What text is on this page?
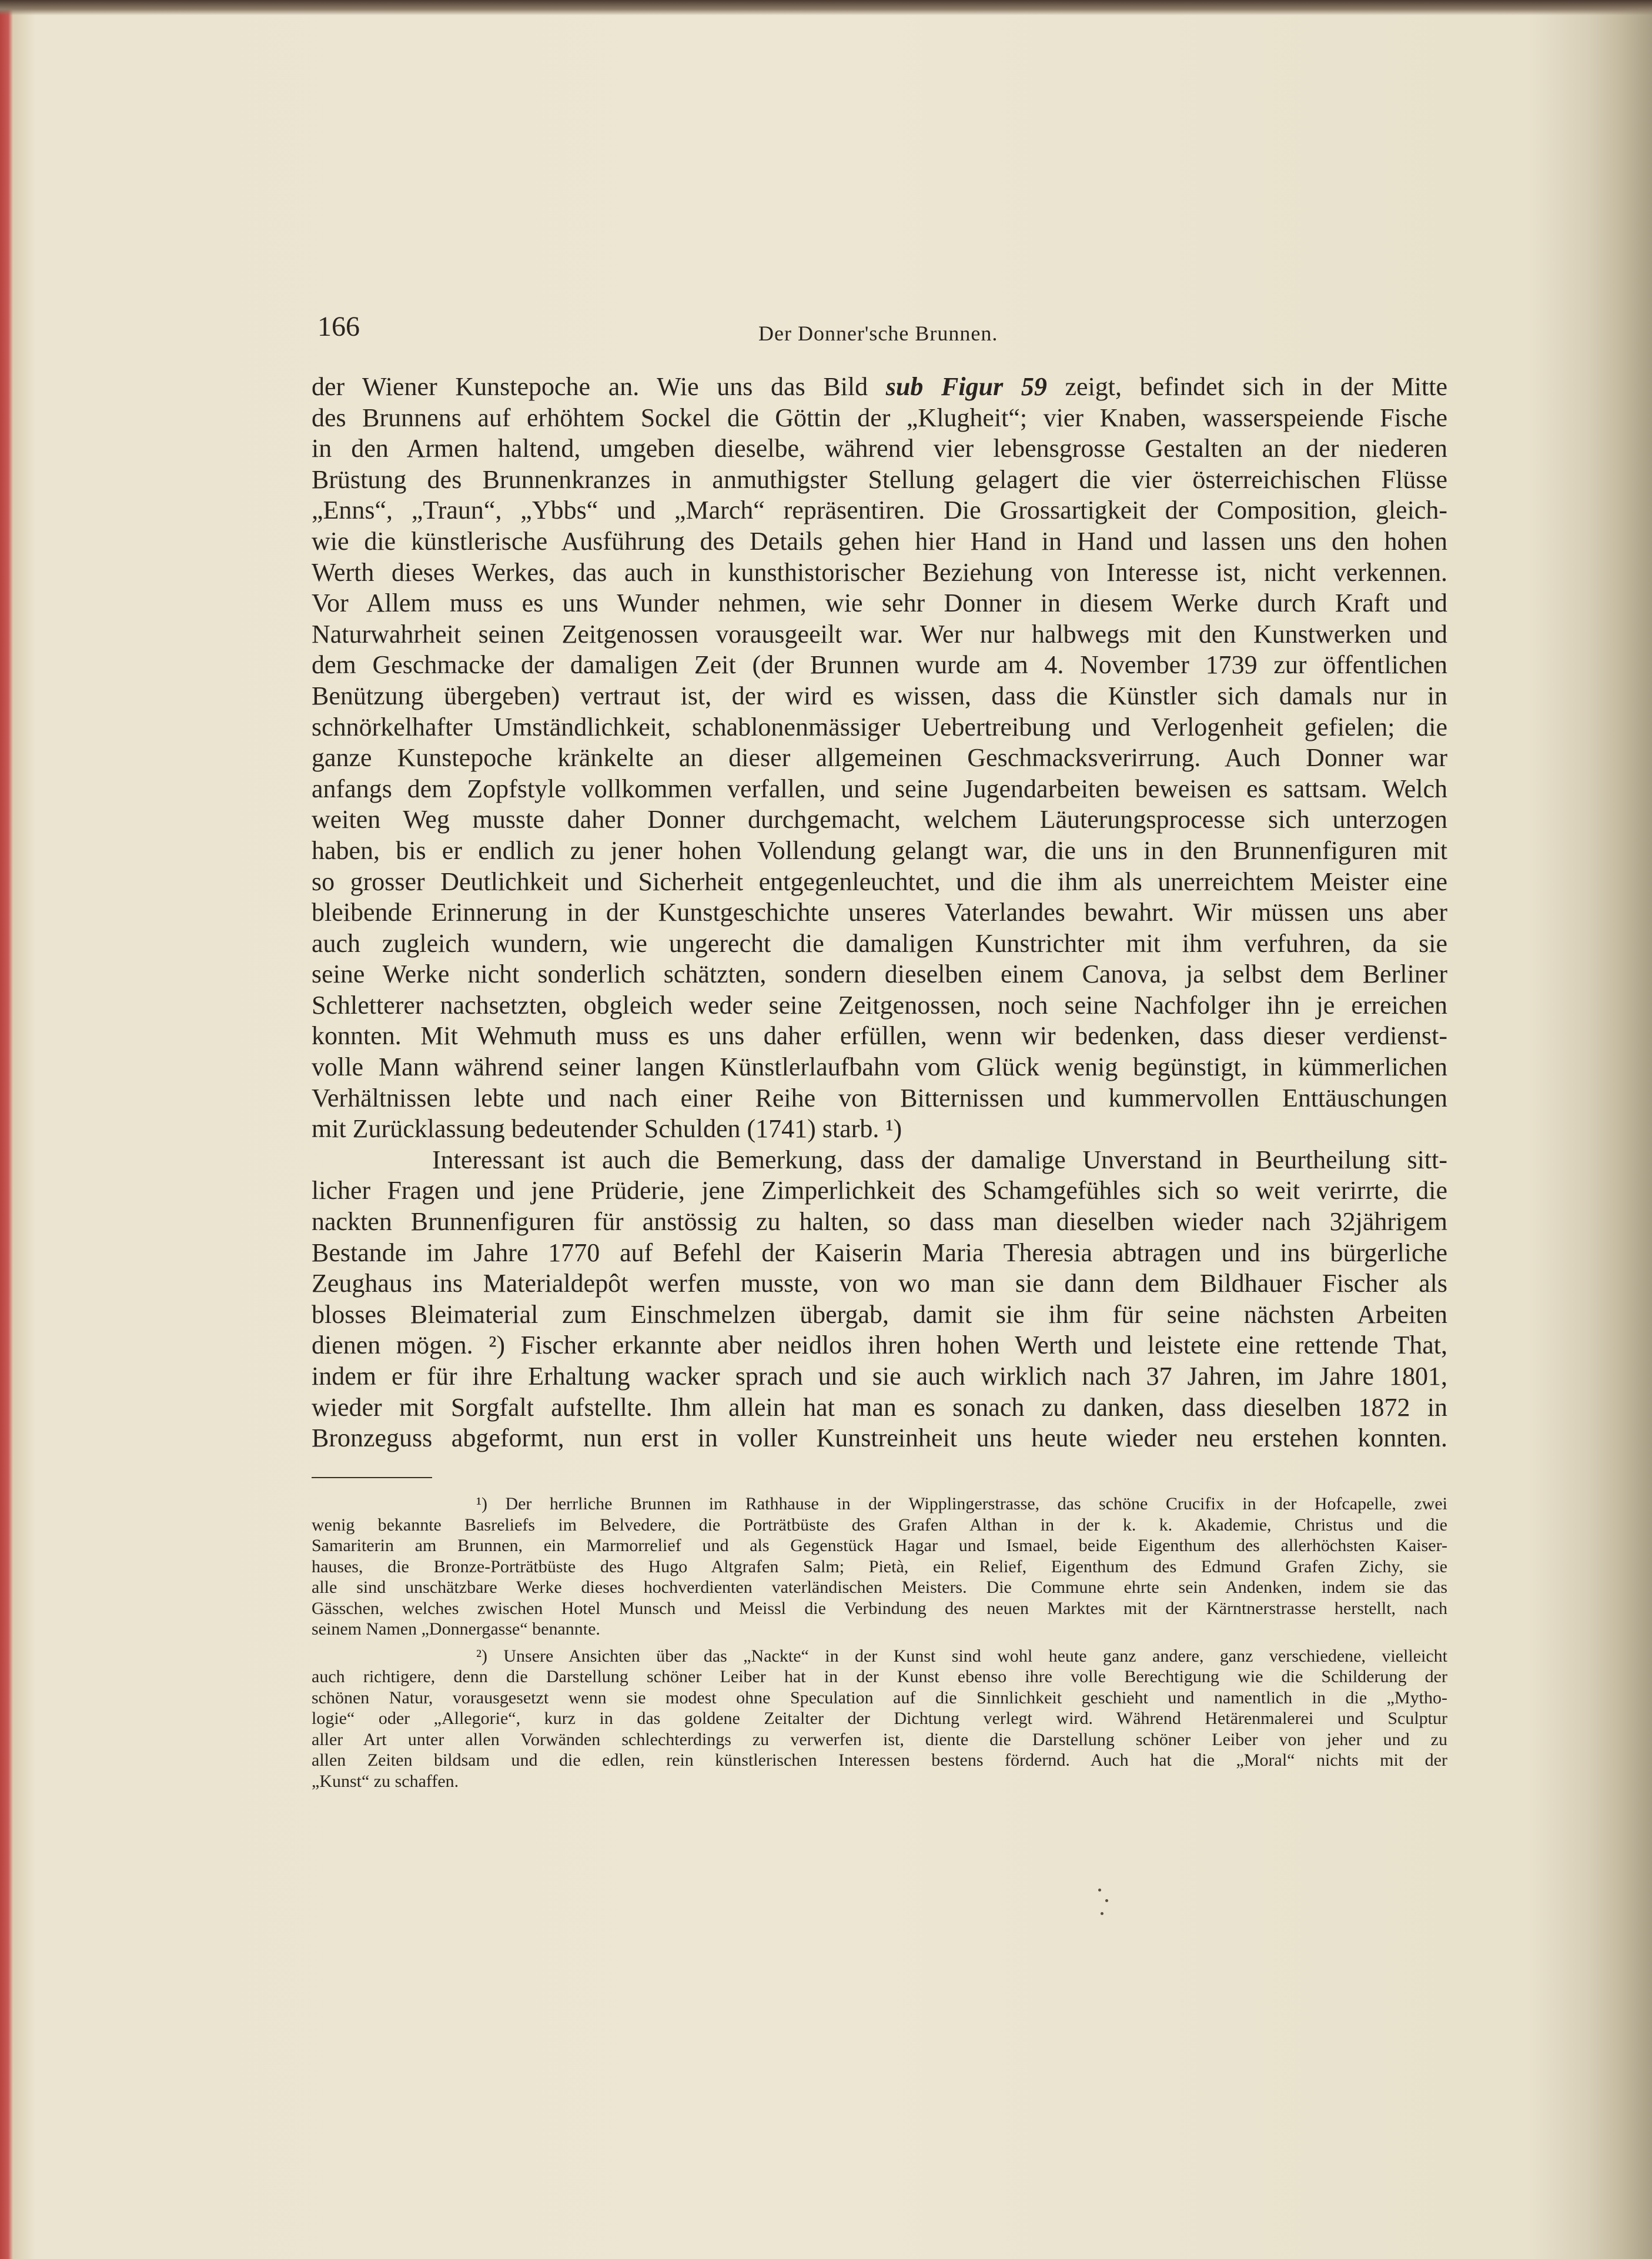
166	Der Donner'sche Brunnen.
der Wiener Kunstepoche an. Wie uns das Bild sub Figur 59 zeigt, befindet sich in der Mitte
des Brunnens auf erhöhtem Sockel die Göttin der „Klugheit“; vier Knaben, wasserspeiende Fische
in den Armen haltend, umgeben dieselbe, während vier lebensgrosse Gestalten an der niederen
Brüstung des Brunnenkranzes in anmuthigster Stellung gelagert die vier österreichischen Flüsse
„Enns“, „Traun“, „Ybbs“ und „March“ repräsentiren. Die Grossartigkeit der Composition, gleich-
wie die künstlerische Ausführung des Details gehen hier Hand in Hand und lassen uns den hohen
Werth dieses Werkes, das auch in kunsthistorischer Beziehung von Interesse ist, nicht verkennen.
Vor Allem muss es uns Wunder nehmen, wie sehr Donner in diesem Werke durch Kraft und
Naturwahrheit seinen Zeitgenossen vorausgeeilt war. Wer nur halbwegs mit den Kunstwerken und
dem Geschmacke der damaligen Zeit (der Brunnen wurde am 4. November 1739 zur öffentlichen
Benützung übergeben) vertraut ist, der wird es wissen, dass die Künstler sich damals nur in
schnörkelhafter Umständlichkeit, schablonenmässiger Uebertreibung und Verlogenheit gefielen; die
ganze Kunstepoche kränkelte an dieser allgemeinen Geschmacksverirrung. Auch Donner war
anfangs dem Zopfstyle vollkommen verfallen, und seine Jugendarbeiten beweisen es sattsam. Welch
weiten Weg musste daher Donner durchgemacht, welchem Läuterungsprocesse sich unterzogen
haben, bis er endlich zu jener hohen Vollendung gelangt war, die uns in den Brunnenfiguren mit
so grosser Deutlichkeit und Sicherheit entgegenleuchtet, und die ihm als unerreichtem Meister eine
bleibende Erinnerung in der Kunstgeschichte unseres Vaterlandes bewahrt. Wir müssen uns aber
auch zugleich wundern, wie ungerecht die damaligen Kunstrichter mit ihm verfuhren, da sie
seine Werke nicht sonderlich schätzten, sondern dieselben einem Canova, ja selbst dem Berliner
Schletterer nachsetzten, obgleich weder seine Zeitgenossen, noch seine Nachfolger ihn je erreichen
konnten. Mit Wehmuth muss es uns daher erfüllen, wenn wir bedenken, dass dieser verdienst-
volle Mann während seiner langen Künstlerlaufbahn vom Glück wenig begünstigt, in kümmerlichen
Verhältnissen lebte und nach einer Reihe von Bitternissen und kummervollen Enttäuschungen
mit Zurücklassung bedeutender Schulden (1741) starb. ¹)
Interessant ist auch die Bemerkung, dass der damalige Unverstand in Beurtheilung sitt-
licher Fragen und jene Prüderie, jene Zimperlichkeit des Schamgefühles sich so weit verirrte, die
nackten Brunnenfiguren für anstössig zu halten, so dass man dieselben wieder nach 32jährigem
Bestande im Jahre 1770 auf Befehl der Kaiserin Maria Theresia abtragen und ins bürgerliche
Zeughaus ins Materialdepôt werfen musste, von wo man sie dann dem Bildhauer Fischer als
blosses Bleimaterial zum Einschmelzen übergab, damit sie ihm für seine nächsten Arbeiten
dienen mögen. ²) Fischer erkannte aber neidlos ihren hohen Werth und leistete eine rettende That,
indem er für ihre Erhaltung wacker sprach und sie auch wirklich nach 37 Jahren, im Jahre 1801,
wieder mit Sorgfalt aufstellte. Ihm allein hat man es sonach zu danken, dass dieselben 1872 in
Bronzeguss abgeformt, nun erst in voller Kunstreinheit uns heute wieder neu erstehen konnten.
¹) Der herrliche Brunnen im Rathhause in der Wipplingerstrasse, das schöne Crucifix in der Hofcapelle, zwei
wenig bekannte Basreliefs im Belvedere, die Porträtbüste des Grafen Althan in der k. k. Akademie, Christus und die
Samariterin am Brunnen, ein Marmorrelief und als Gegenstück Hagar und Ismael, beide Eigenthum des allerhöchsten Kaiser-
hauses, die Bronze-Porträtbüste des Hugo Altgrafen Salm; Pietà, ein Relief, Eigenthum des Edmund Grafen Zichy, sie
alle sind unschätzbare Werke dieses hochverdienten vaterländischen Meisters. Die Commune ehrte sein Andenken, indem sie das
Gässchen, welches zwischen Hotel Munsch und Meissl die Verbindung des neuen Marktes mit der Kärntnerstrasse herstellt, nach
seinem Namen „Donnergasse“ benannte.
²) Unsere Ansichten über das „Nackte“ in der Kunst sind wohl heute ganz andere, ganz verschiedene, vielleicht
auch richtigere, denn die Darstellung schöner Leiber hat in der Kunst ebenso ihre volle Berechtigung wie die Schilderung der
schönen Natur, vorausgesetzt wenn sie modest ohne Speculation auf die Sinnlichkeit geschieht und namentlich in die „Mytho-
logie“ oder „Allegorie“, kurz in das goldene Zeitalter der Dichtung verlegt wird. Während Hetärenmalerei und Sculptur
aller Art unter allen Vorwänden schlechterdings zu verwerfen ist, diente die Darstellung schöner Leiber von jeher und zu
allen Zeiten bildsam und die edlen, rein künstlerischen Interessen bestens fördernd. Auch hat die „Moral“ nichts mit der
„Kunst“ zu schaffen.
